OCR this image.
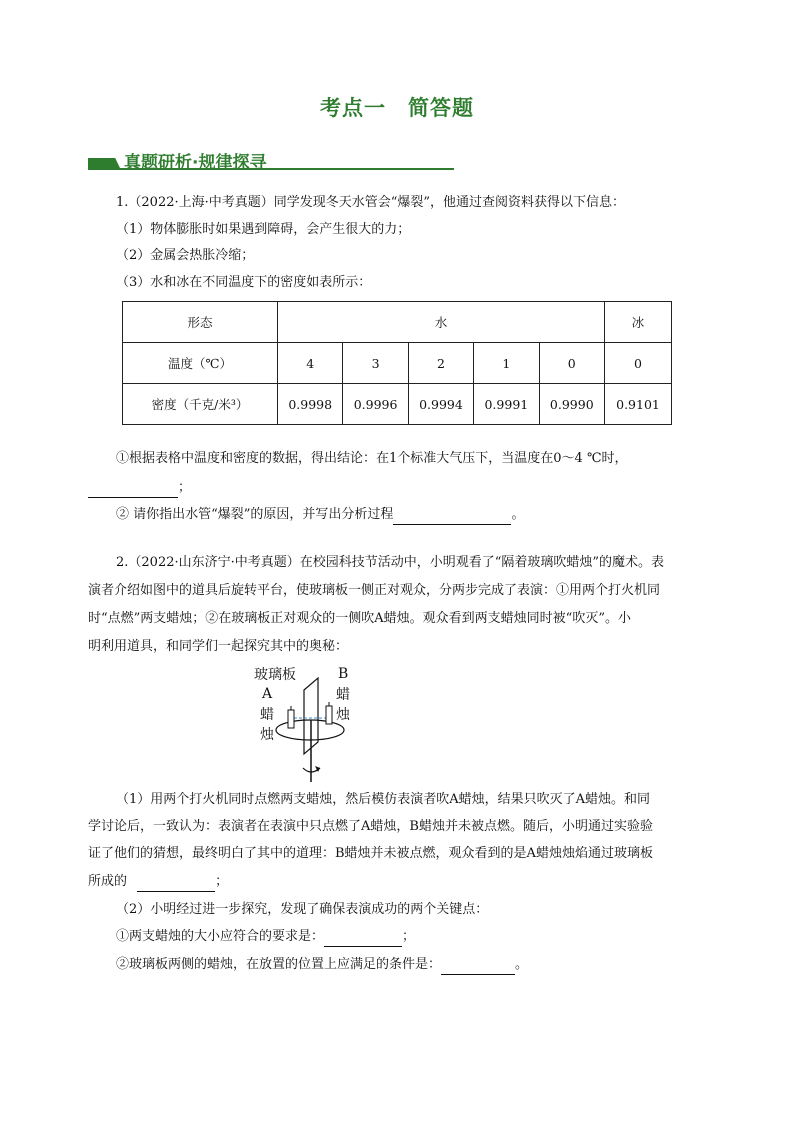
考点一　简答题
真题研析·规律探寻
1.（2022·上海·中考真题）同学发现冬天水管会“爆裂”，他通过查阅资料获得以下信息：
（1）物体膨胀时如果遇到障碍，会产生很大的力；
（2）金属会热胀冷缩；
（3）水和冰在不同温度下的密度如表所示：
形态	水					冰
温度（℃）	4	3	2	1	0	0
密度（千克/米³）	0.9998	0.9996	0.9994	0.9991	0.9990	0.9101
①根据表格中温度和密度的数据，得出结论：在1个标准大气压下，当温度在0～4 ℃时，
；
② 请你指出水管“爆裂”的原因，并写出分析过程	。
2.（2022·山东济宁·中考真题）在校园科技节活动中，小明观看了“隔着玻璃吹蜡烛”的魔术。表
演者介绍如图中的道具后旋转平台，使玻璃板一侧正对观众，分两步完成了表演：①用两个打火机同
时“点燃”两支蜡烛；②在玻璃板正对观众的一侧吹A蜡烛。观众看到两支蜡烛同时被“吹灭”。小
明利用道具，和同学们一起探究其中的奥秘：
玻璃板	B
蜡
烛
A
蜡
烛
（1）用两个打火机同时点燃两支蜡烛，然后模仿表演者吹A蜡烛，结果只吹灭了A蜡烛。和同
学讨论后，一致认为：表演者在表演中只点燃了A蜡烛，B蜡烛并未被点燃。随后，小明通过实验验
证了他们的猜想，最终明白了其中的道理：B蜡烛并未被点燃，观众看到的是A蜡烛烛焰通过玻璃板
所成的	；
（2）小明经过进一步探究，发现了确保表演成功的两个关键点：
①两支蜡烛的大小应符合的要求是：	；
②玻璃板两侧的蜡烛，在放置的位置上应满足的条件是：	。
